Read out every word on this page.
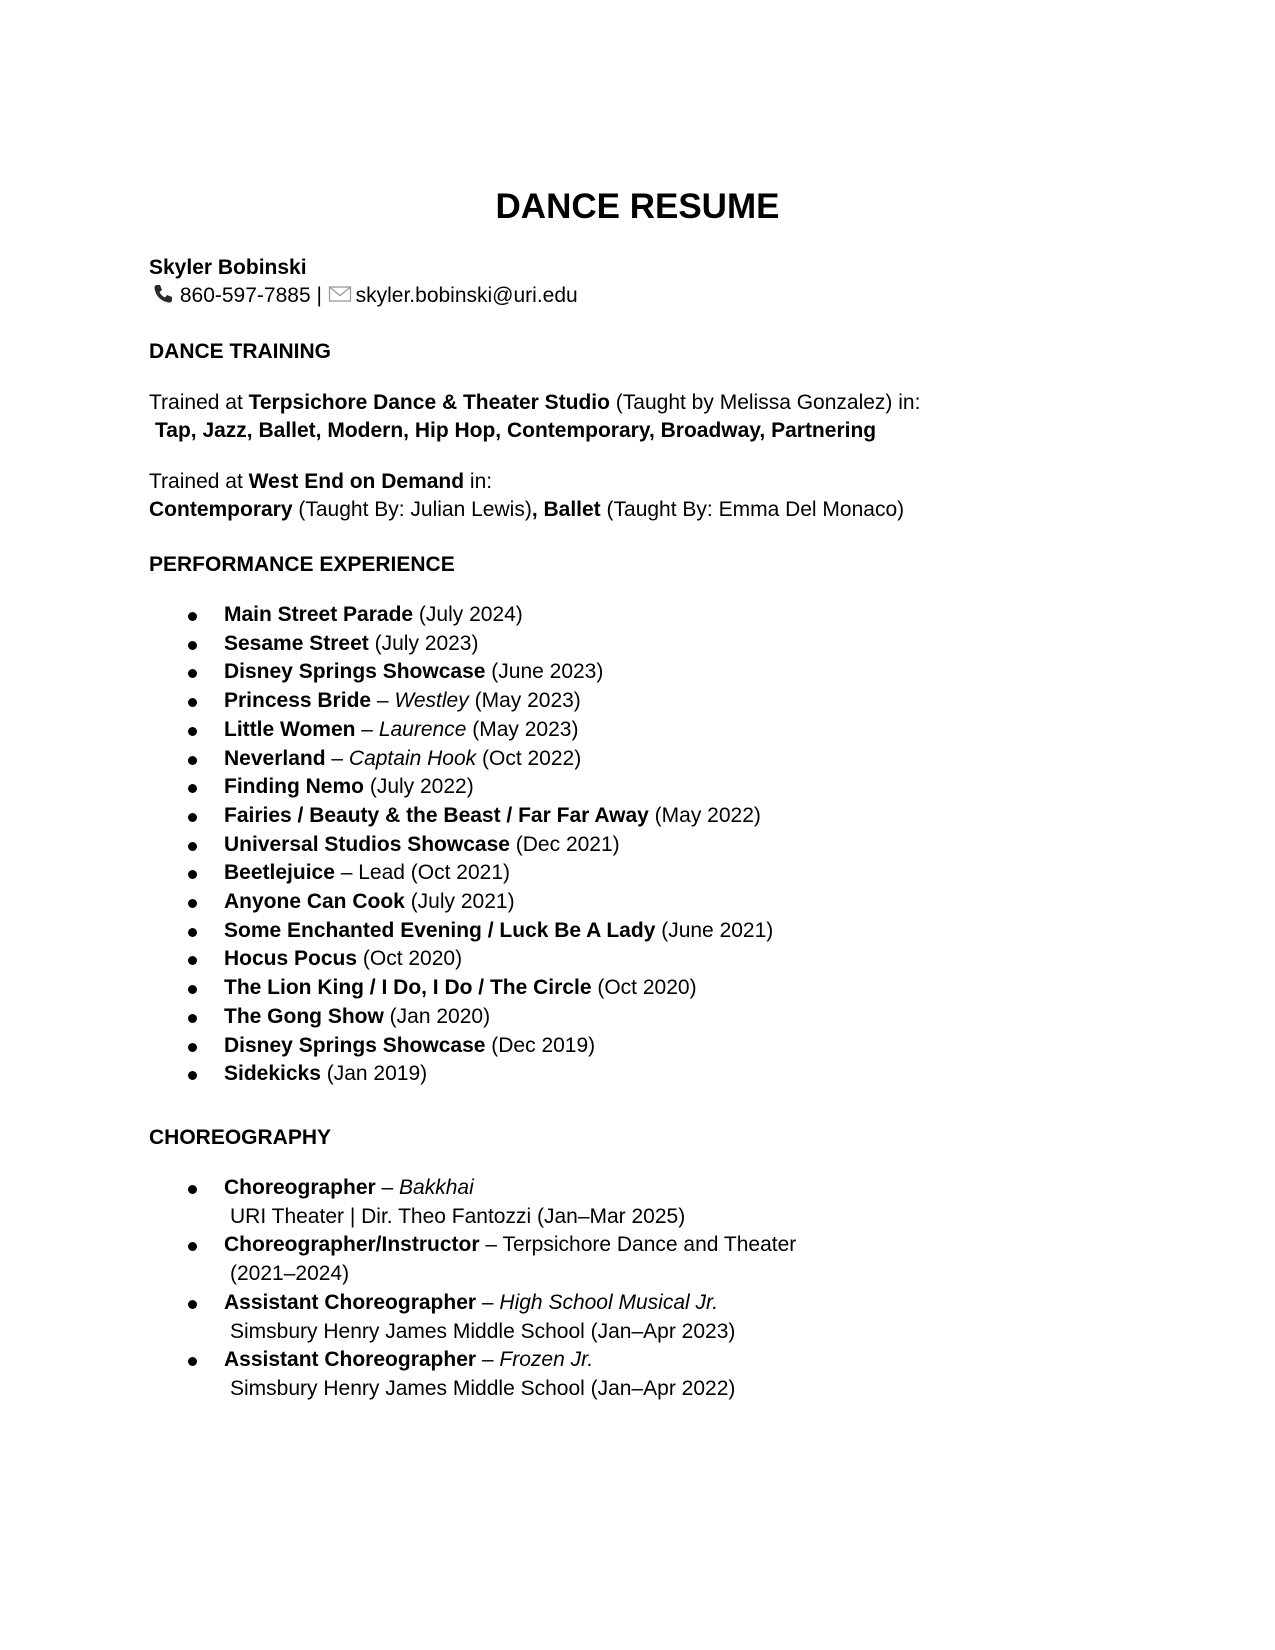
DANCE RESUME
Skyler Bobinski
860-597-7885 | skyler.bobinski@uri.edu
DANCE TRAINING
Trained at Terpsichore Dance & Theater Studio (Taught by Melissa Gonzalez) in:
Tap, Jazz, Ballet, Modern, Hip Hop, Contemporary, Broadway, Partnering
Trained at West End on Demand in:
Contemporary (Taught By: Julian Lewis), Ballet (Taught By: Emma Del Monaco)
PERFORMANCE EXPERIENCE
Main Street Parade (July 2024)
Sesame Street (July 2023)
Disney Springs Showcase (June 2023)
Princess Bride – Westley (May 2023)
Little Women – Laurence (May 2023)
Neverland – Captain Hook (Oct 2022)
Finding Nemo (July 2022)
Fairies / Beauty & the Beast / Far Far Away (May 2022)
Universal Studios Showcase (Dec 2021)
Beetlejuice – Lead (Oct 2021)
Anyone Can Cook (July 2021)
Some Enchanted Evening / Luck Be A Lady (June 2021)
Hocus Pocus (Oct 2020)
The Lion King / I Do, I Do / The Circle (Oct 2020)
The Gong Show (Jan 2020)
Disney Springs Showcase (Dec 2019)
Sidekicks (Jan 2019)
CHOREOGRAPHY
Choreographer – Bakkhai
URI Theater | Dir. Theo Fantozzi (Jan–Mar 2025)
Choreographer/Instructor – Terpsichore Dance and Theater
(2021–2024)
Assistant Choreographer – High School Musical Jr.
Simsbury Henry James Middle School (Jan–Apr 2023)
Assistant Choreographer – Frozen Jr.
Simsbury Henry James Middle School (Jan–Apr 2022)
